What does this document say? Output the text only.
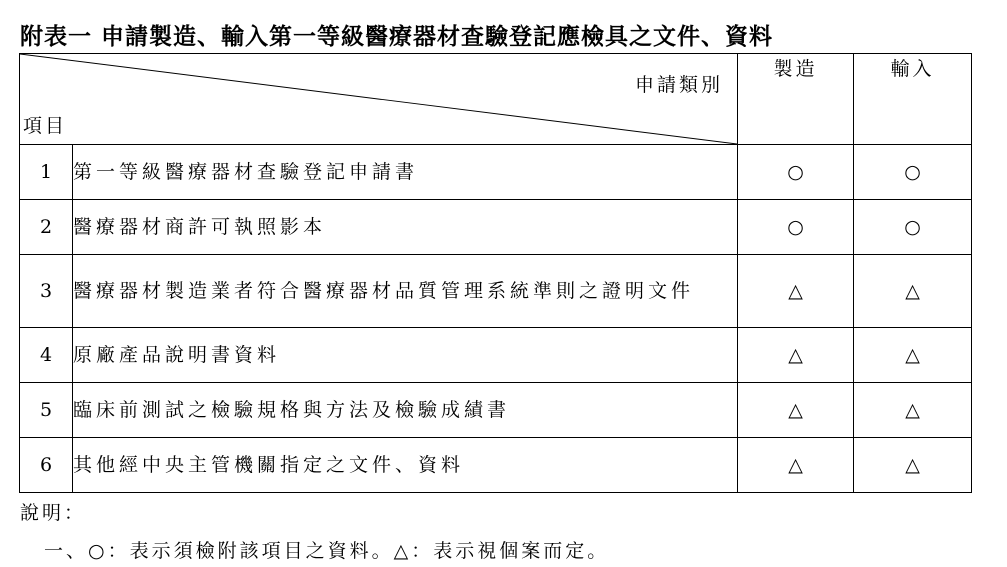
附表一 申請製造、輸入第一等級醫療器材查驗登記應檢具之文件、資料
申請類別
項目		製造	輸入
1	第一等級醫療器材查驗登記申請書	○	○
2	醫療器材商許可執照影本	○	○
3	醫療器材製造業者符合醫療器材品質管理系統準則之證明文件	△	△
4	原廠產品說明書資料	△	△
5	臨床前測試之檢驗規格與方法及檢驗成績書	△	△
6	其他經中央主管機關指定之文件、資料	△	△
說明：
一、○：表示須檢附該項目之資料。△：表示視個案而定。
